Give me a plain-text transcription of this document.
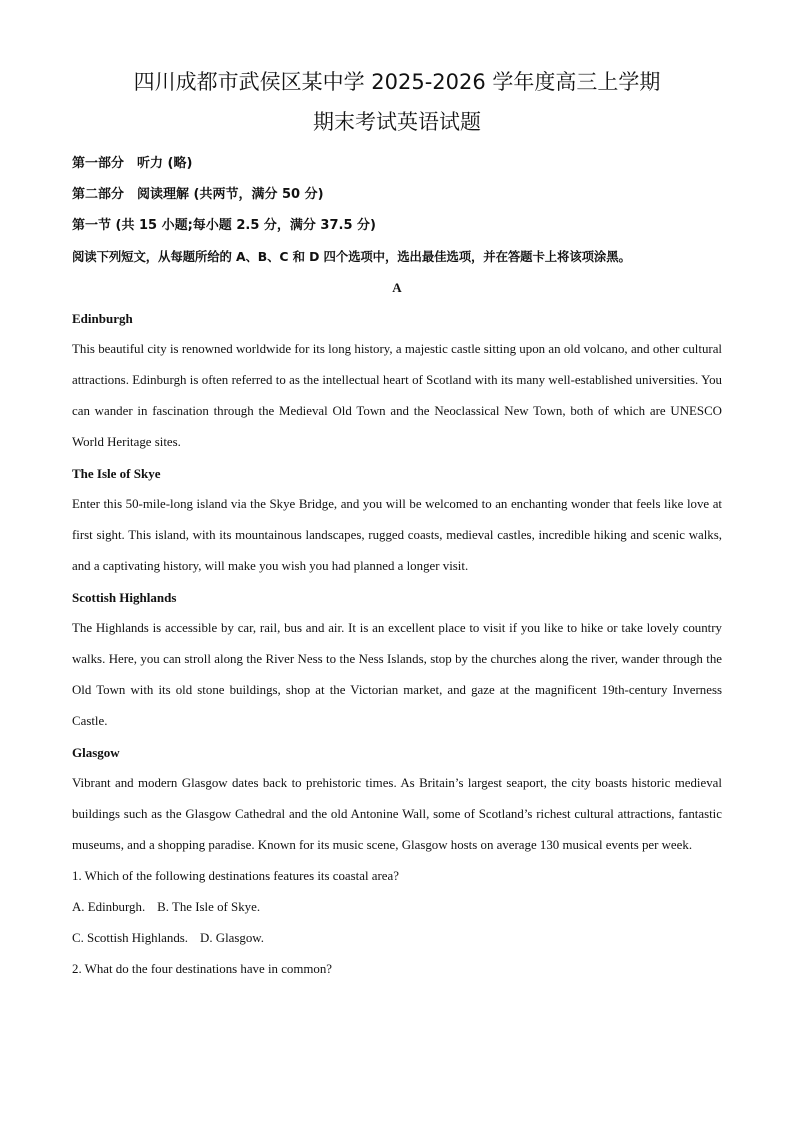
四川成都市武侯区某中学 2025-2026 学年度高三上学期
期末考试英语试题
第一部分　听力 (略)
第二部分　阅读理解 (共两节，满分 50 分)
第一节 (共 15 小题;每小题 2.5 分，满分 37.5 分)
阅读下列短文，从每题所给的 A、B、C 和 D 四个选项中，选出最佳选项，并在答题卡上将该项涂黑。
A
Edinburgh

This beautiful city is renowned worldwide for its long history, a majestic castle sitting upon an old volcano, and other cultural attractions. Edinburgh is often referred to as the intellectual heart of Scotland with its many well-established universities. You can wander in fascination through the Medieval Old Town and the Neoclassical New Town, both of which are UNESCO World Heritage sites.

The Isle of Skye

Enter this 50-mile-long island via the Skye Bridge, and you will be welcomed to an enchanting wonder that feels like love at first sight. This island, with its mountainous landscapes, rugged coasts, medieval castles, incredible hiking and scenic walks, and a captivating history, will make you wish you had planned a longer visit.

Scottish Highlands

The Highlands is accessible by car, rail, bus and air. It is an excellent place to visit if you like to hike or take lovely country walks. Here, you can stroll along the River Ness to the Ness Islands, stop by the churches along the river, wander through the Old Town with its old stone buildings, shop at the Victorian market, and gaze at the magnificent 19th-century Inverness Castle.

Glasgow

Vibrant and modern Glasgow dates back to prehistoric times. As Britain’s largest seaport, the city boasts historic medieval buildings such as the Glasgow Cathedral and the old Antonine Wall, some of Scotland’s richest cultural attractions, fantastic museums, and a shopping paradise. Known for its music scene, Glasgow hosts on average 130 musical events per week.

1. Which of the following destinations features its coastal area?
A. Edinburgh. B. The Isle of Skye.
C. Scottish Highlands. D. Glasgow.
2. What do the four destinations have in common?
